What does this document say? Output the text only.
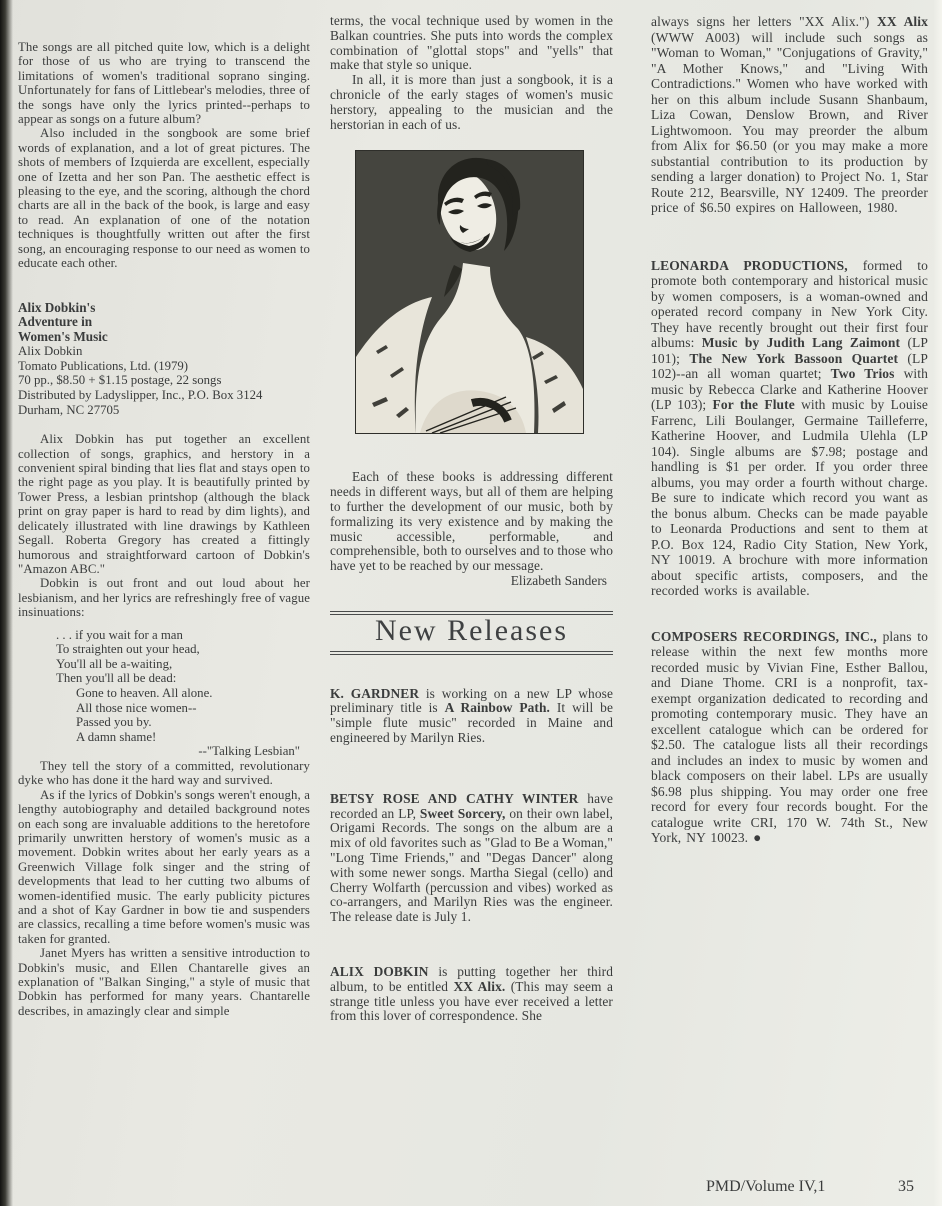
The songs are all pitched quite low, which is a delight for those of us who are trying to transcend the limitations of women's traditional soprano singing. Unfortunately for fans of Littlebear's melodies, three of the songs have only the lyrics printed--perhaps to appear as songs on a future album?

Also included in the songbook are some brief words of explanation, and a lot of great pictures. The shots of members of Izquierda are excellent, especially one of Izetta and her son Pan. The aesthetic effect is pleasing to the eye, and the scoring, although the chord charts are all in the back of the book, is large and easy to read. An explanation of one of the notation techniques is thoughtfully written out after the first song, an encouraging response to our need as women to educate each other.

Alix Dobkin's
Adventure in
Women's Music
Alix Dobkin
Tomato Publications, Ltd. (1979)
70 pp., $8.50 + $1.15 postage, 22 songs
Distributed by Ladyslipper, Inc., P.O. Box 3124
Durham, NC 27705

Alix Dobkin has put together an excellent collection of songs, graphics, and herstory in a convenient spiral binding that lies flat and stays open to the right page as you play. It is beautifully printed by Tower Press, a lesbian printshop (although the black print on gray paper is hard to read by dim lights), and delicately illustrated with line drawings by Kathleen Segall. Roberta Gregory has created a fittingly humorous and straightforward cartoon of Dobkin's "Amazon ABC."

Dobkin is out front and out loud about her lesbianism, and her lyrics are refreshingly free of vague insinuations:

. . . if you wait for a man
To straighten out your head,
You'll all be a-waiting,
Then you'll all be dead:
Gone to heaven. All alone.
All those nice women--
Passed you by.
A damn shame!
--"Talking Lesbian"

They tell the story of a committed, revolutionary dyke who has done it the hard way and survived.

As if the lyrics of Dobkin's songs weren't enough, a lengthy autobiography and detailed background notes on each song are invaluable additions to the heretofore primarily unwritten herstory of women's music as a movement. Dobkin writes about her early years as a Greenwich Village folk singer and the string of developments that lead to her cutting two albums of women-identified music. The early publicity pictures and a shot of Kay Gardner in bow tie and suspenders are classics, recalling a time before women's music was taken for granted.

Janet Myers has written a sensitive introduction to Dobkin's music, and Ellen Chantarelle gives an explanation of "Balkan Singing," a style of music that Dobkin has performed for many years. Chantarelle describes, in amazingly clear and simple

terms, the vocal technique used by women in the Balkan countries. She puts into words the complex combination of "glottal stops" and "yells" that make that style so unique.

In all, it is more than just a songbook, it is a chronicle of the early stages of women's music herstory, appealing to the musician and the herstorian in each of us.

Each of these books is addressing different needs in different ways, but all of them are helping to further the development of our music, both by formalizing its very existence and by making the music accessible, performable, and comprehensible, both to ourselves and to those who have yet to be reached by our message.

Elizabeth Sanders

New Releases

K. GARDNER is working on a new LP whose preliminary title is A Rainbow Path. It will be "simple flute music" recorded in Maine and engineered by Marilyn Ries.

BETSY ROSE AND CATHY WINTER have recorded an LP, Sweet Sorcery, on their own label, Origami Records. The songs on the album are a mix of old favorites such as "Glad to Be a Woman," "Long Time Friends," and "Degas Dancer" along with some newer songs. Martha Siegal (cello) and Cherry Wolfarth (percussion and vibes) worked as co-arrangers, and Marilyn Ries was the engineer. The release date is July 1.

ALIX DOBKIN is putting together her third album, to be entitled XX Alix. (This may seem a strange title unless you have ever received a letter from this lover of correspondence. She

always signs her letters "XX Alix.") XX Alix (WWW A003) will include such songs as "Woman to Woman," "Conjugations of Gravity," "A Mother Knows," and "Living With Contradictions." Women who have worked with her on this album include Susann Shanbaum, Liza Cowan, Denslow Brown, and River Lightwomoon. You may preorder the album from Alix for $6.50 (or you may make a more substantial contribution to its production by sending a larger donation) to Project No. 1, Star Route 212, Bearsville, NY 12409. The preorder price of $6.50 expires on Halloween, 1980.

LEONARDA PRODUCTIONS, formed to promote both contemporary and historical music by women composers, is a woman-owned and operated record company in New York City. They have recently brought out their first four albums: Music by Judith Lang Zaimont (LP 101); The New York Bassoon Quartet (LP 102)--an all woman quartet; Two Trios with music by Rebecca Clarke and Katherine Hoover (LP 103); For the Flute with music by Louise Farrenc, Lili Boulanger, Germaine Tailleferre, Katherine Hoover, and Ludmila Ulehla (LP 104). Single albums are $7.98; postage and handling is $1 per order. If you order three albums, you may order a fourth without charge. Be sure to indicate which record you want as the bonus album. Checks can be made payable to Leonarda Productions and sent to them at P.O. Box 124, Radio City Station, New York, NY 10019. A brochure with more information about specific artists, composers, and the recorded works is available.

COMPOSERS RECORDINGS, INC., plans to release within the next few months more recorded music by Vivian Fine, Esther Ballou, and Diane Thome. CRI is a nonprofit, tax-exempt organization dedicated to recording and promoting contemporary music. They have an excellent catalogue which can be ordered for $2.50. The catalogue lists all their recordings and includes an index to music by women and black composers on their label. LPs are usually $6.98 plus shipping. You may order one free record for every four records bought. For the catalogue write CRI, 170 W. 74th St., New York, NY 10023. ●

PMD/Volume IV,1	35
